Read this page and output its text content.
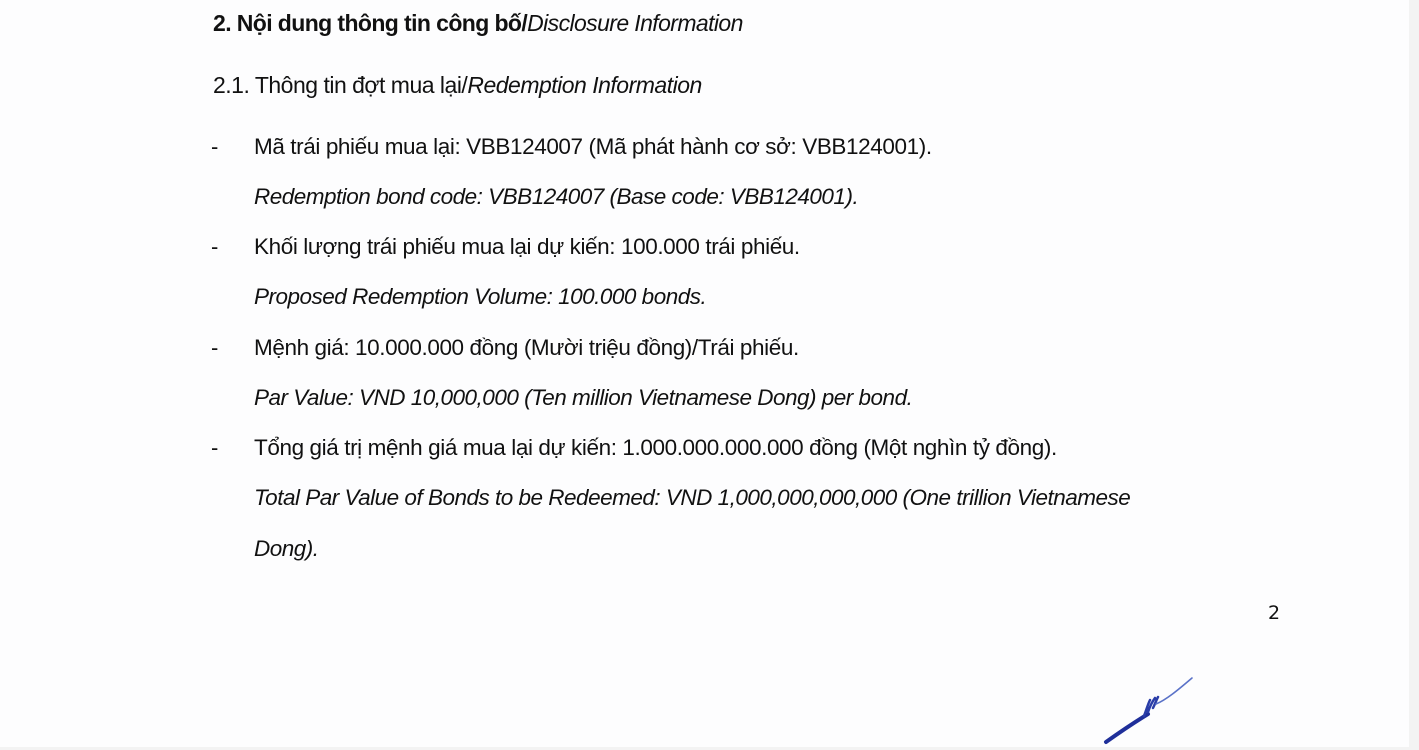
2. Nội dung thông tin công bố/Disclosure Information
2.1. Thông tin đợt mua lại/Redemption Information
- Mã trái phiếu mua lại: VBB124007 (Mã phát hành cơ sở: VBB124001).
Redemption bond code: VBB124007 (Base code: VBB124001).
- Khối lượng trái phiếu mua lại dự kiến: 100.000 trái phiếu.
Proposed Redemption Volume: 100.000 bonds.
- Mệnh giá: 10.000.000 đồng (Mười triệu đồng)/Trái phiếu.
Par Value: VND 10,000,000 (Ten million Vietnamese Dong) per bond.
- Tổng giá trị mệnh giá mua lại dự kiến: 1.000.000.000.000 đồng (Một nghìn tỷ đồng).
Total Par Value of Bonds to be Redeemed: VND 1,000,000,000,000 (One trillion Vietnamese
Dong).
2
